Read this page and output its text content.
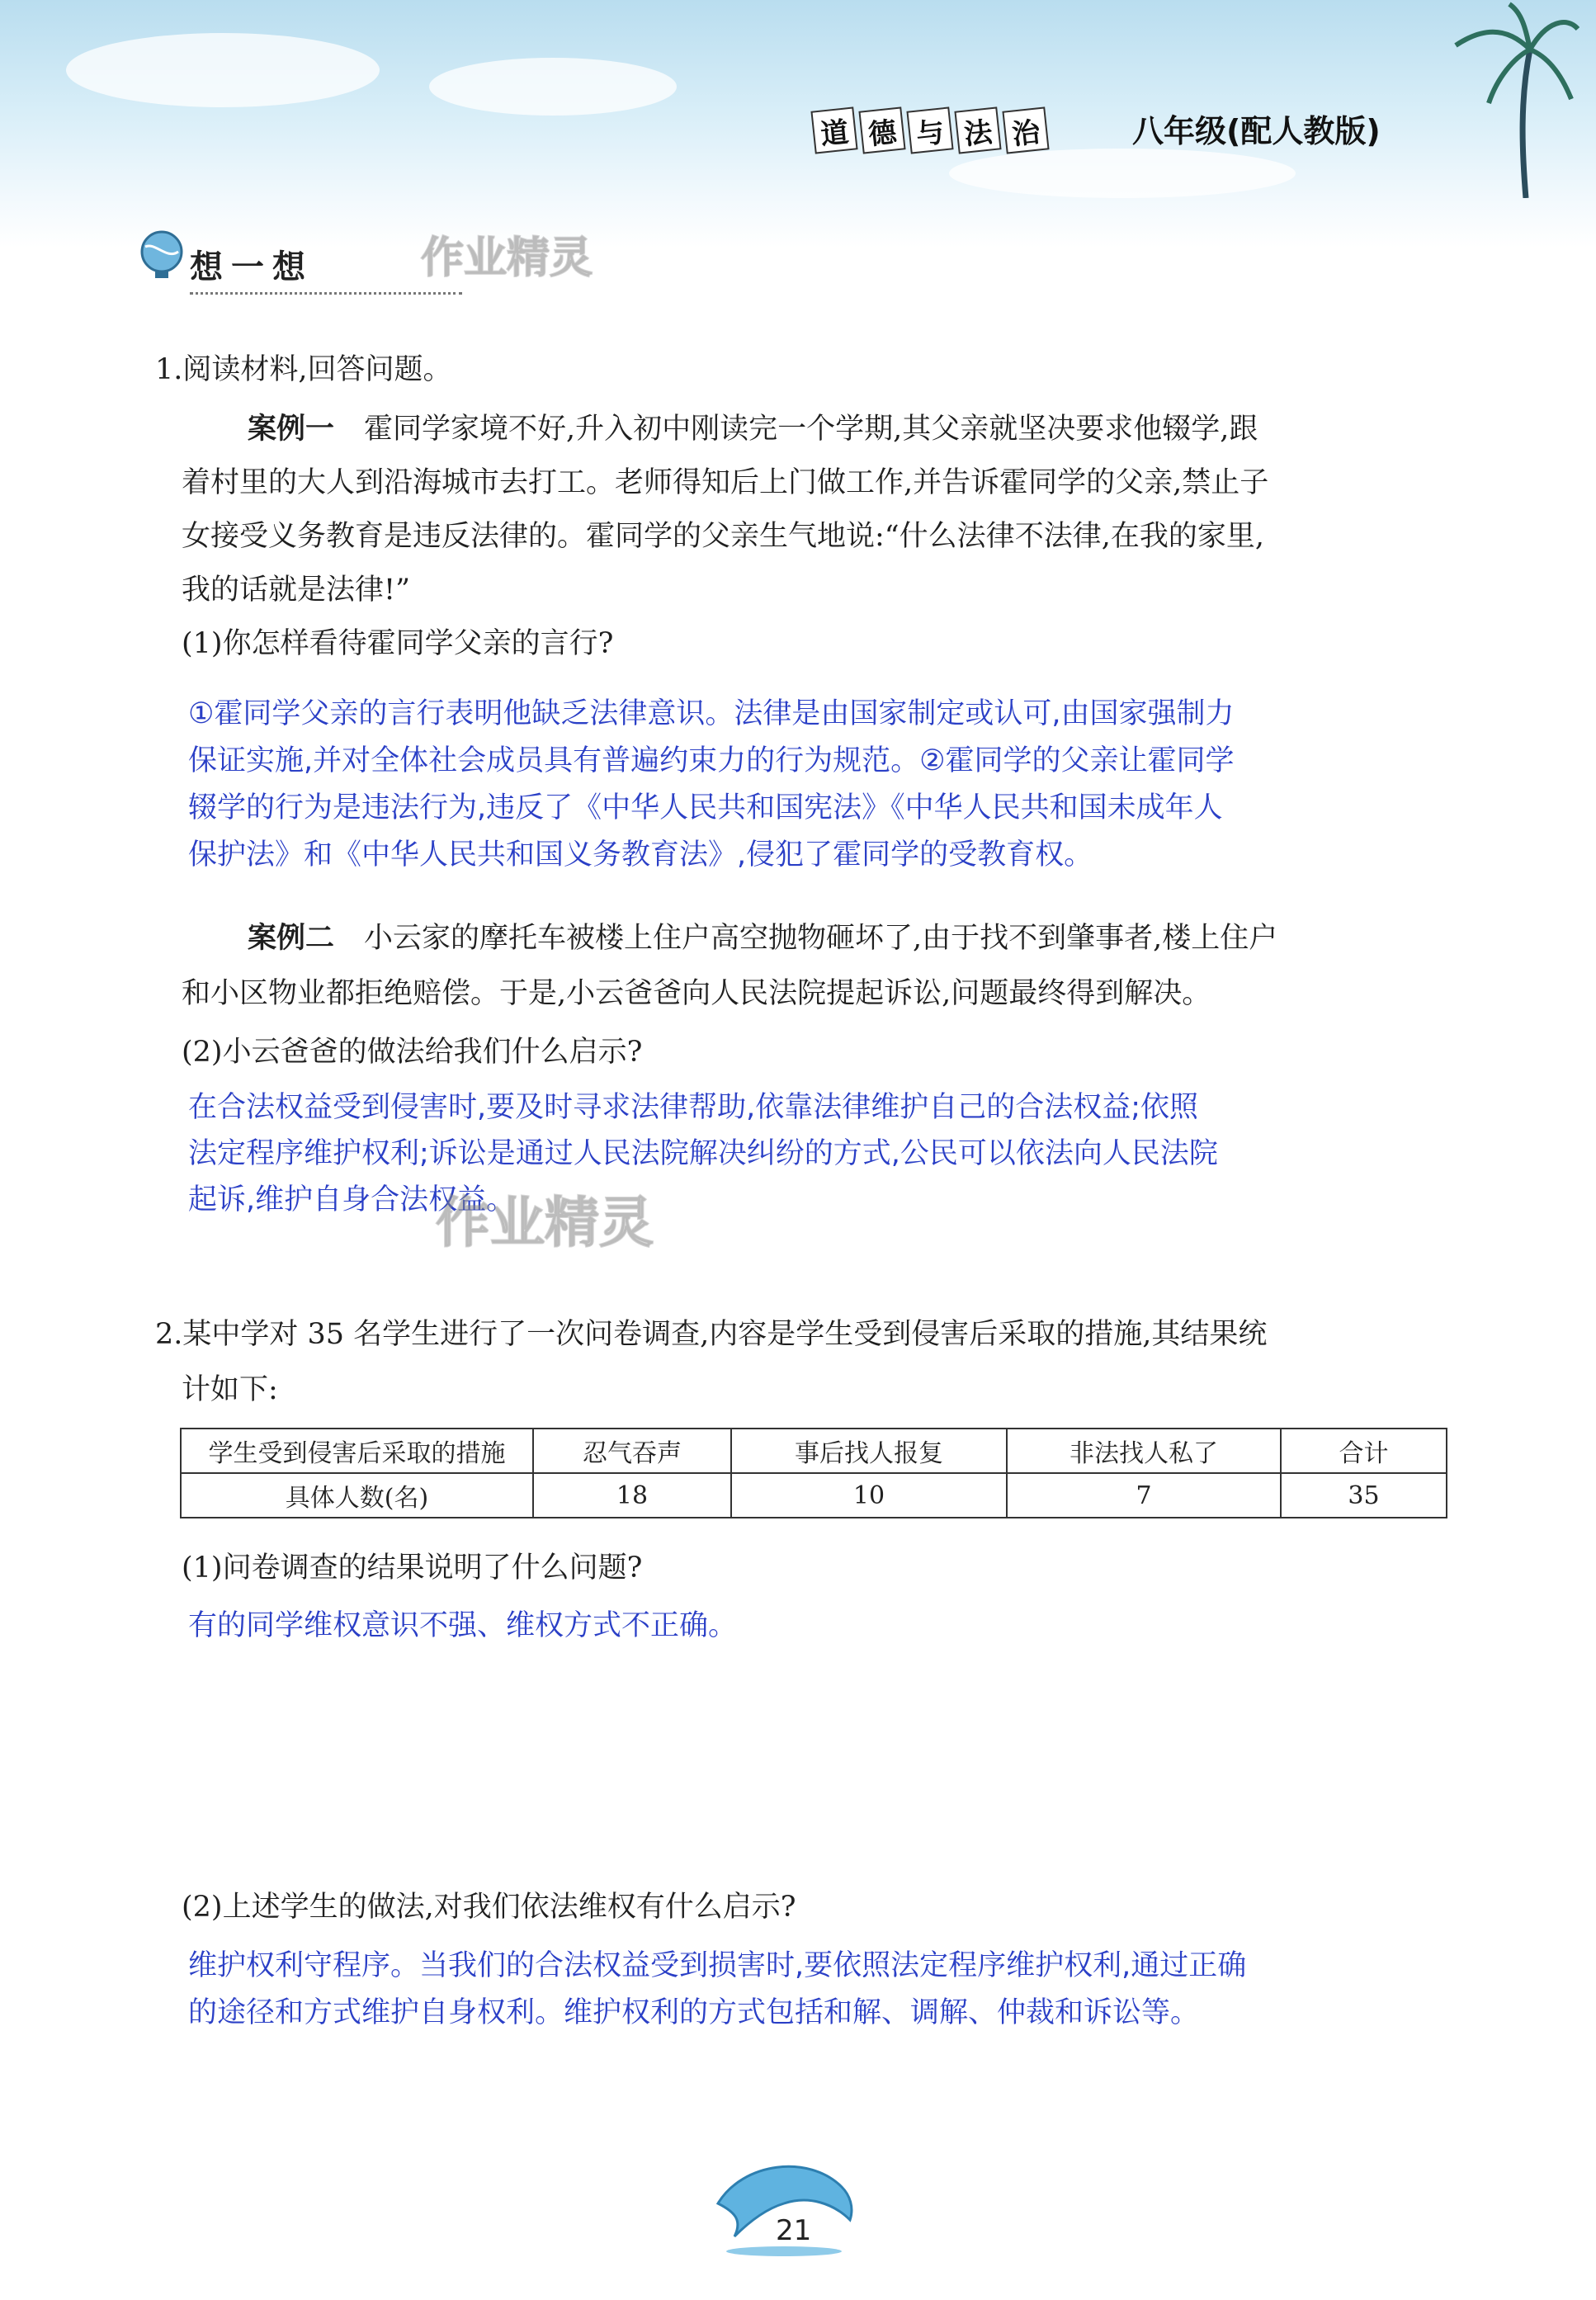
道 德 与 法 治	八年级(配人教版)
想一想	作业精灵
1.阅读材料,回答问题。
案例一 霍同学家境不好,升入初中刚读完一个学期,其父亲就坚决要求他辍学,跟
着村里的大人到沿海城市去打工。老师得知后上门做工作,并告诉霍同学的父亲,禁止子
女接受义务教育是违反法律的。霍同学的父亲生气地说:“什么法律不法律,在我的家里,
我的话就是法律!”
(1)你怎样看待霍同学父亲的言行?
①霍同学父亲的言行表明他缺乏法律意识。法律是由国家制定或认可,由国家强制力
保证实施,并对全体社会成员具有普遍约束力的行为规范。②霍同学的父亲让霍同学
辍学的行为是违法行为,违反了《中华人民共和国宪法》《中华人民共和国未成年人
保护法》和《中华人民共和国义务教育法》,侵犯了霍同学的受教育权。
案例二 小云家的摩托车被楼上住户高空抛物砸坏了,由于找不到肇事者,楼上住户
和小区物业都拒绝赔偿。于是,小云爸爸向人民法院提起诉讼,问题最终得到解决。
(2)小云爸爸的做法给我们什么启示?
在合法权益受到侵害时,要及时寻求法律帮助,依靠法律维护自己的合法权益;依照
法定程序维护权利;诉讼是通过人民法院解决纠纷的方式,公民可以依法向人民法院
起诉,维护自身合法权益。
作业精灵
2.某中学对 35 名学生进行了一次问卷调查,内容是学生受到侵害后采取的措施,其结果统
计如下:
学生受到侵害后采取的措施	忍气吞声	事后找人报复	非法找人私了	合计
具体人数(名)	18	10	7	35
(1)问卷调查的结果说明了什么问题?
有的同学维权意识不强、维权方式不正确。
(2)上述学生的做法,对我们依法维权有什么启示?
维护权利守程序。当我们的合法权益受到损害时,要依照法定程序维护权利,通过正确
的途径和方式维护自身权利。维护权利的方式包括和解、调解、仲裁和诉讼等。
21
